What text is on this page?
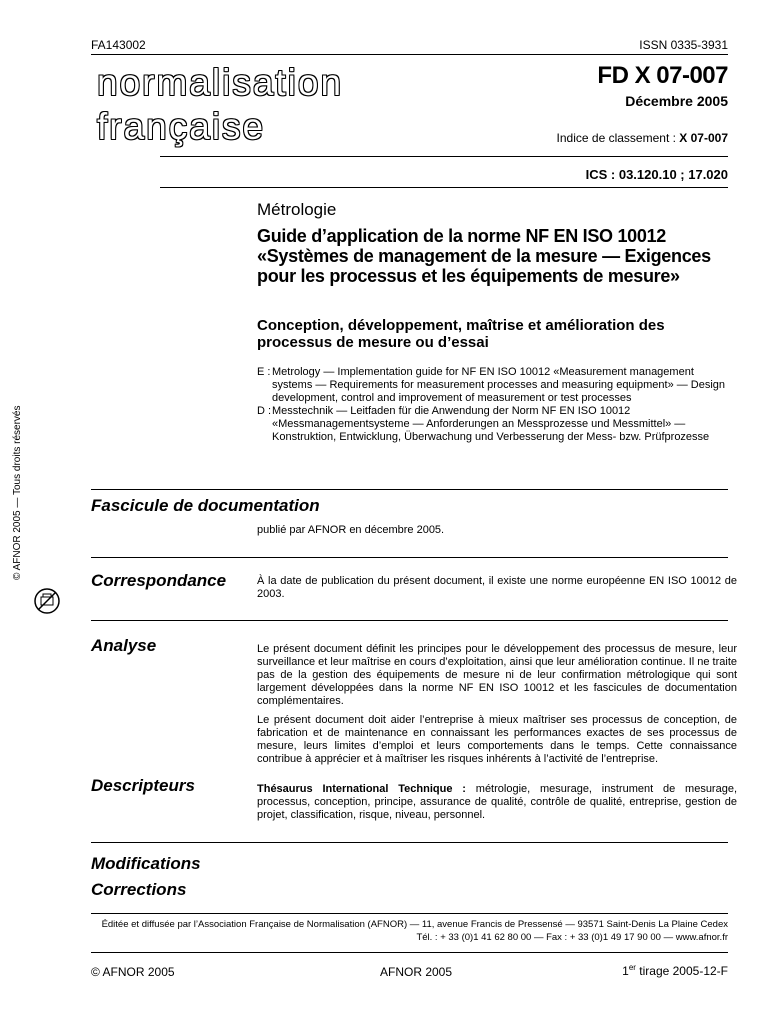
FA143002	ISSN 0335-3931
normalisation
française
FD X 07-007
Décembre 2005
Indice de classement : X 07-007
ICS : 03.120.10 ; 17.020
Métrologie
Guide d’application de la norme NF EN ISO 10012 «Systèmes de management de la mesure — Exigences pour les processus et les équipements de mesure»
Conception, développement, maîtrise et amélioration des processus de mesure ou d’essai
E : Metrology — Implementation guide for NF EN ISO 10012 «Measurement management systems — Requirements for measurement processes and measuring equipment» — Design development, control and improvement of measurement or test processes
D : Messtechnik — Leitfaden für die Anwendung der Norm NF EN ISO 10012 «Messmanagementsysteme — Anforderungen an Messprozesse und Messmittel» — Konstruktion, Entwicklung, Überwachung und Verbesserung der Mess- bzw. Prüfprozesse
Fascicule de documentation
publié par AFNOR en décembre 2005.
Correspondance	À la date de publication du présent document, il existe une norme européenne EN ISO 10012 de 2003.
Analyse	Le présent document définit les principes pour le développement des processus de mesure, leur surveillance et leur maîtrise en cours d’exploitation, ainsi que leur amélioration continue. Il ne traite pas de la gestion des équipements de mesure ni de leur confirmation métrologique qui sont largement développées dans la norme NF EN ISO 10012 et les fascicules de documentation complémentaires.
Le présent document doit aider l’entreprise à mieux maîtriser ses processus de conception, de fabrication et de maintenance en connaissant les performances exactes de ses processus de mesure, leurs limites d’emploi et leurs comportements dans le temps. Cette connaissance contribue à apprécier et à maîtriser les risques inhérents à l’activité de l’entreprise.
Descripteurs	Thésaurus International Technique : métrologie, mesurage, instrument de mesurage, processus, conception, principe, assurance de qualité, contrôle de qualité, entreprise, gestion de projet, classification, risque, niveau, personnel.
Modifications
Corrections
Éditée et diffusée par l’Association Française de Normalisation (AFNOR) — 11, avenue Francis de Pressensé — 93571 Saint-Denis La Plaine Cedex
Tél. : + 33 (0)1 41 62 80 00 — Fax : + 33 (0)1 49 17 90 00 — www.afnor.fr
© AFNOR 2005	AFNOR 2005	1er tirage 2005-12-F
© AFNOR 2005 — Tous droits réservés
